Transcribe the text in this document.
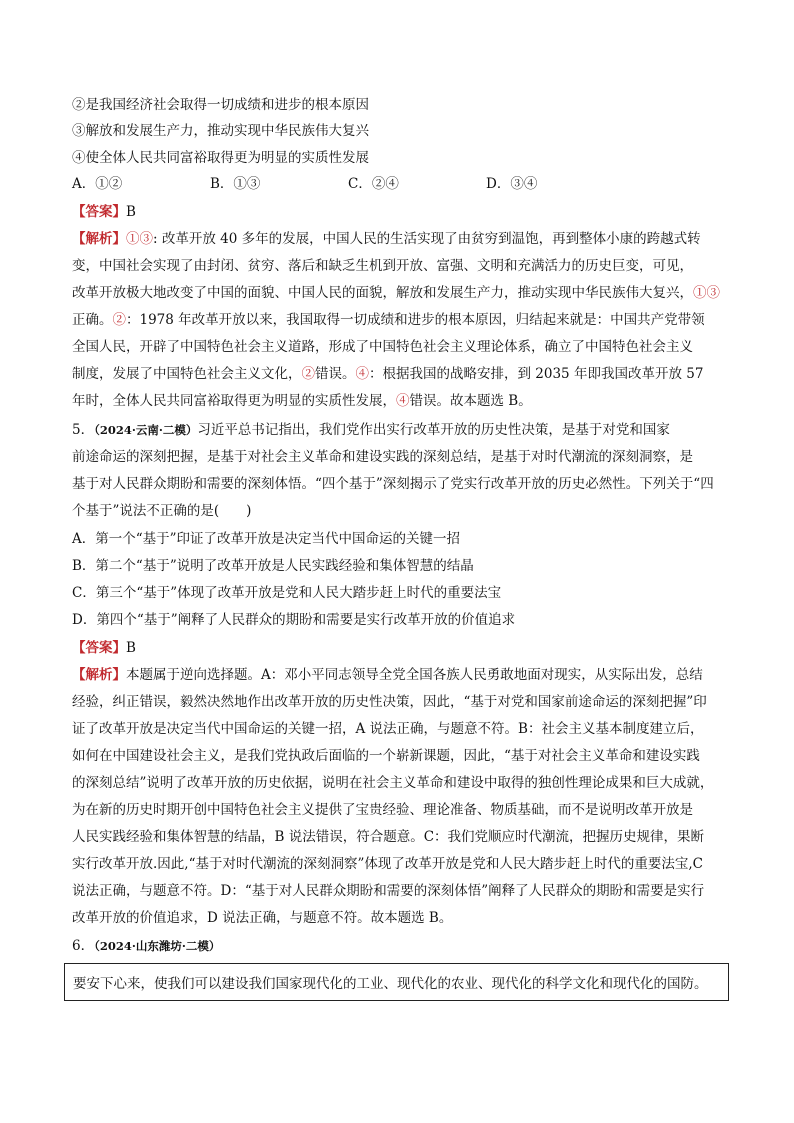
②是我国经济社会取得一切成绩和进步的根本原因
③解放和发展生产力，推动实现中华民族伟大复兴
④使全体人民共同富裕取得更为明显的实质性发展
A．①②	B．①③	C．②④	D．③④
【答案】B
【解析】①③: 改革开放 40 多年的发展，中国人民的生活实现了由贫穷到温饱，再到整体小康的跨越式转
变，中国社会实现了由封闭、贫穷、落后和缺乏生机到开放、富强、文明和充满活力的历史巨变，可见，
改革开放极大地改变了中国的面貌、中国人民的面貌，解放和发展生产力，推动实现中华民族伟大复兴，①③
正确。②：1978 年改革开放以来，我国取得一切成绩和进步的根本原因，归结起来就是：中国共产党带领
全国人民，开辟了中国特色社会主义道路，形成了中国特色社会主义理论体系，确立了中国特色社会主义
制度，发展了中国特色社会主义文化，②错误。④：根据我国的战略安排，到 2035 年即我国改革开放 57
年时，全体人民共同富裕取得更为明显的实质性发展，④错误。故本题选 B。
5．（2024·云南·二模）习近平总书记指出，我们党作出实行改革开放的历史性决策，是基于对党和国家
前途命运的深刻把握，是基于对社会主义革命和建设实践的深刻总结，是基于对时代潮流的深刻洞察，是
基于对人民群众期盼和需要的深刻体悟。“四个基于”深刻揭示了党实行改革开放的历史必然性。下列关于“四
个基于”说法不正确的是(　　)
A．第一个“基于”印证了改革开放是决定当代中国命运的关键一招
B．第二个“基于”说明了改革开放是人民实践经验和集体智慧的结晶
C．第三个“基于”体现了改革开放是党和人民大踏步赶上时代的重要法宝
D．第四个“基于”阐释了人民群众的期盼和需要是实行改革开放的价值追求
【答案】B
【解析】本题属于逆向选择题。A：邓小平同志领导全党全国各族人民勇敢地面对现实，从实际出发，总结
经验，纠正错误，毅然决然地作出改革开放的历史性决策，因此，“基于对党和国家前途命运的深刻把握”印
证了改革开放是决定当代中国命运的关键一招，A 说法正确，与题意不符。B：社会主义基本制度建立后，
如何在中国建设社会主义，是我们党执政后面临的一个崭新课题，因此，“基于对社会主义革命和建设实践
的深刻总结”说明了改革开放的历史依据，说明在社会主义革命和建设中取得的独创性理论成果和巨大成就，
为在新的历史时期开创中国特色社会主义提供了宝贵经验、理论准备、物质基础，而不是说明改革开放是
人民实践经验和集体智慧的结晶，B 说法错误，符合题意。C：我们党顺应时代潮流，把握历史规律，果断
实行改革开放.因此,“基于对时代潮流的深刻洞察”体现了改革开放是党和人民大踏步赶上时代的重要法宝,C
说法正确，与题意不符。D：“基于对人民群众期盼和需要的深刻体悟”阐释了人民群众的期盼和需要是实行
改革开放的价值追求，D 说法正确，与题意不符。故本题选 B。
6．（2024·山东潍坊·二模）
要安下心来，使我们可以建设我们国家现代化的工业、现代化的农业、现代化的科学文化和现代化的国防。
